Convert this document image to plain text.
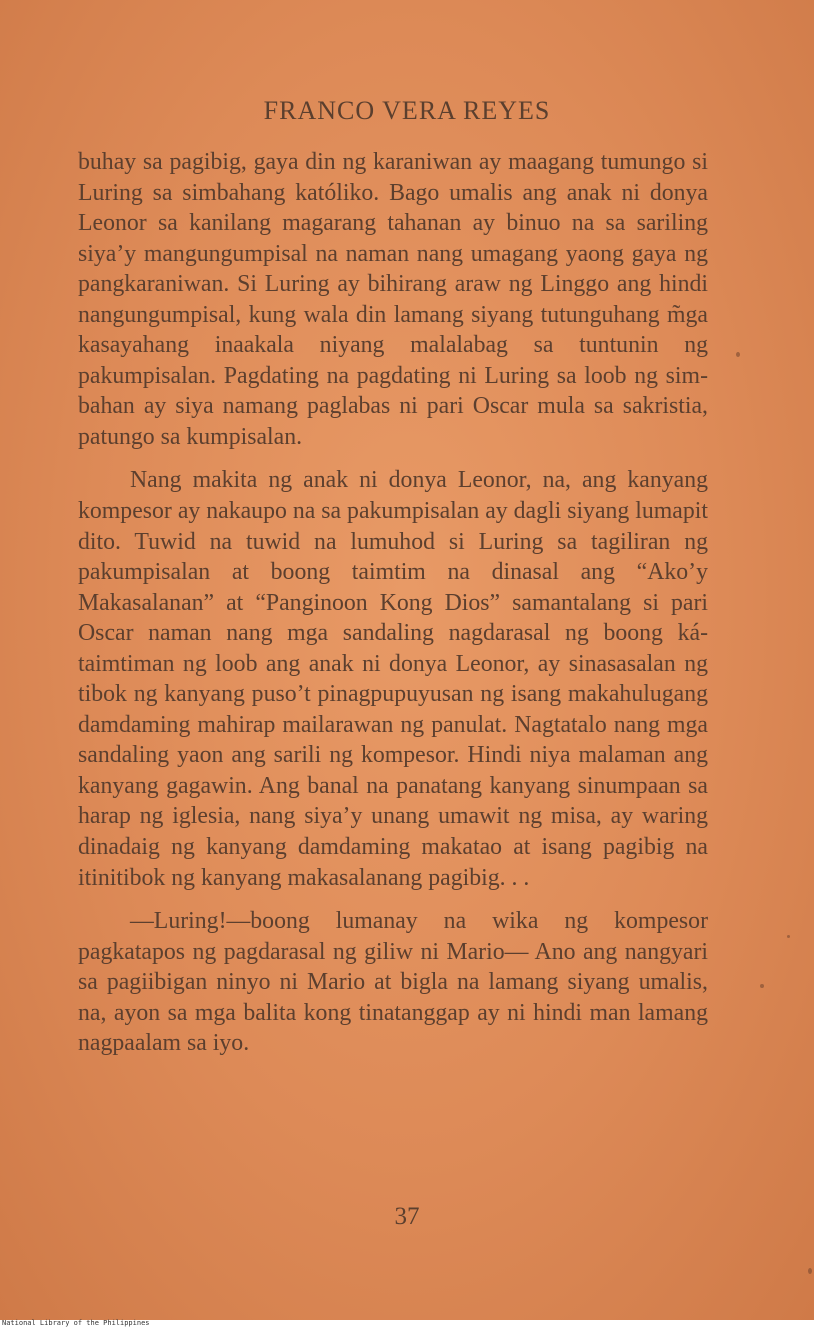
FRANCO VERA REYES

buhay sa pagibig, gaya din ng karaniwan ay maagang tumungo si Luring sa simbahang katóliko. Bago umalis ang anak ni donya Leonor sa kanilang magarang tahanan ay binuo na sa sariling siya’y mangungumpisal na naman nang umagang yaong gaya ng pangkaraniwan. Si Luring ay bihirang araw ng Linggo ang hindi nangungumpisal, kung wala din lamang siyang tutunguhang m̃ga kasayahang inaakala niyang malalabag sa tuntunin ng pakumpisalan. Pagdating na pagdating ni Luring sa loob ng simbahan ay siya namang paglabas ni pari Oscar mula sa sakristia, patungo sa kumpisalan.

Nang makita ng anak ni donya Leonor, na, ang kanyang kompesor ay nakaupo na sa pakumpisalan ay dagli siyang lumapit dito. Tuwid na tuwid na lumuhod si Luring sa tagiliran ng pakumpisalan at boong taimtim na dinasal ang “Ako’y Makasalanan” at “Panginoon Kong Dios” samantalang si pari Oscar naman nang mga sandaling nagdarasal ng boong kátaimtiman ng loob ang anak ni donya Leonor, ay sinasasalan ng tibok ng kanyang puso’t pinagpupuyusan ng isang makahulugang damdaming mahirap mailarawan ng panulat. Nagtatalo nang mga sandaling yaon ang sarili ng kompesor. Hindi niya malaman ang kanyang gagawin. Ang banal na panatang kanyang sinumpaan sa harap ng iglesia, nang siya’y unang umawit ng misa, ay waring dinadaig ng kanyang damdaming makatao at isang pagibig na itinitibok ng kanyang makasalanang pagibig. . .

—Luring!—boong lumanay na wika ng kompesor pagkatapos ng pagdarasal ng giliw ni Mario— Ano ang nangyari sa pagiibigan ninyo ni Mario at bigla na lamang siyang umalis, na, ayon sa mga balita kong tinatanggap ay ni hindi man lamang nagpaalam sa iyo.

37
National Library of the Philippines
